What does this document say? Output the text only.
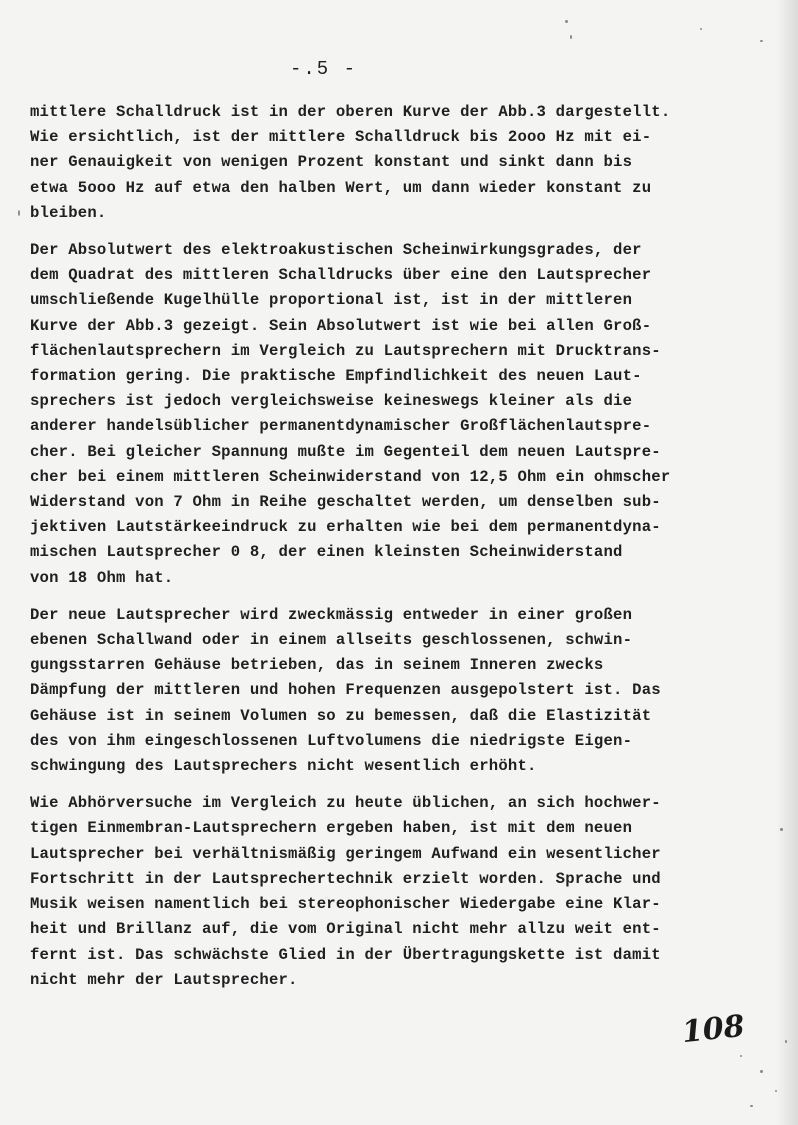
-.5 -
mittlere Schalldruck ist in der oberen Kurve der Abb.3 dargestellt.
Wie ersichtlich, ist der mittlere Schalldruck bis 2ooo Hz mit ei-
ner Genauigkeit von wenigen Prozent konstant und sinkt dann bis
etwa 5ooo Hz auf etwa den halben Wert, um dann wieder konstant zu
bleiben.
Der Absolutwert des elektroakustischen Scheinwirkungsgrades, der
dem Quadrat des mittleren Schalldrucks über eine den Lautsprecher
umschließende Kugelhülle proportional ist, ist in der mittleren
Kurve der Abb.3 gezeigt. Sein Absolutwert ist wie bei allen Groß-
flächenlautsprechern im Vergleich zu Lautsprechern mit Drucktrans-
formation gering. Die praktische Empfindlichkeit des neuen Laut-
sprechers ist jedoch vergleichsweise keineswegs kleiner als die
anderer handelsüblicher permanentdynamischer Großflächenlautspre-
cher. Bei gleicher Spannung mußte im Gegenteil dem neuen Lautspre-
cher bei einem mittleren Scheinwiderstand von 12,5 Ohm ein ohmscher
Widerstand von 7 Ohm in Reihe geschaltet werden, um denselben sub-
jektiven Lautstärkeeindruck zu erhalten wie bei dem permanentdyna-
mischen Lautsprecher 0 8, der einen kleinsten Scheinwiderstand
von 18 Ohm hat.
Der neue Lautsprecher wird zweckmässig entweder in einer großen
ebenen Schallwand oder in einem allseits geschlossenen, schwin-
gungsstarren Gehäuse betrieben, das in seinem Inneren zwecks
Dämpfung der mittleren und hohen Frequenzen ausgepolstert ist. Das
Gehäuse ist in seinem Volumen so zu bemessen, daß die Elastizität
des von ihm eingeschlossenen Luftvolumens die niedrigste Eigen-
schwingung des Lautsprechers nicht wesentlich erhöht.
Wie Abhörversuche im Vergleich zu heute üblichen, an sich hochwer-
tigen Einmembran-Lautsprechern ergeben haben, ist mit dem neuen
Lautsprecher bei verhältnismäßig geringem Aufwand ein wesentlicher
Fortschritt in der Lautsprechertechnik erzielt worden. Sprache und
Musik weisen namentlich bei stereophonischer Wiedergabe eine Klar-
heit und Brillanz auf, die vom Original nicht mehr allzu weit ent-
fernt ist. Das schwächste Glied in der Übertragungskette ist damit
nicht mehr der Lautsprecher.
108
